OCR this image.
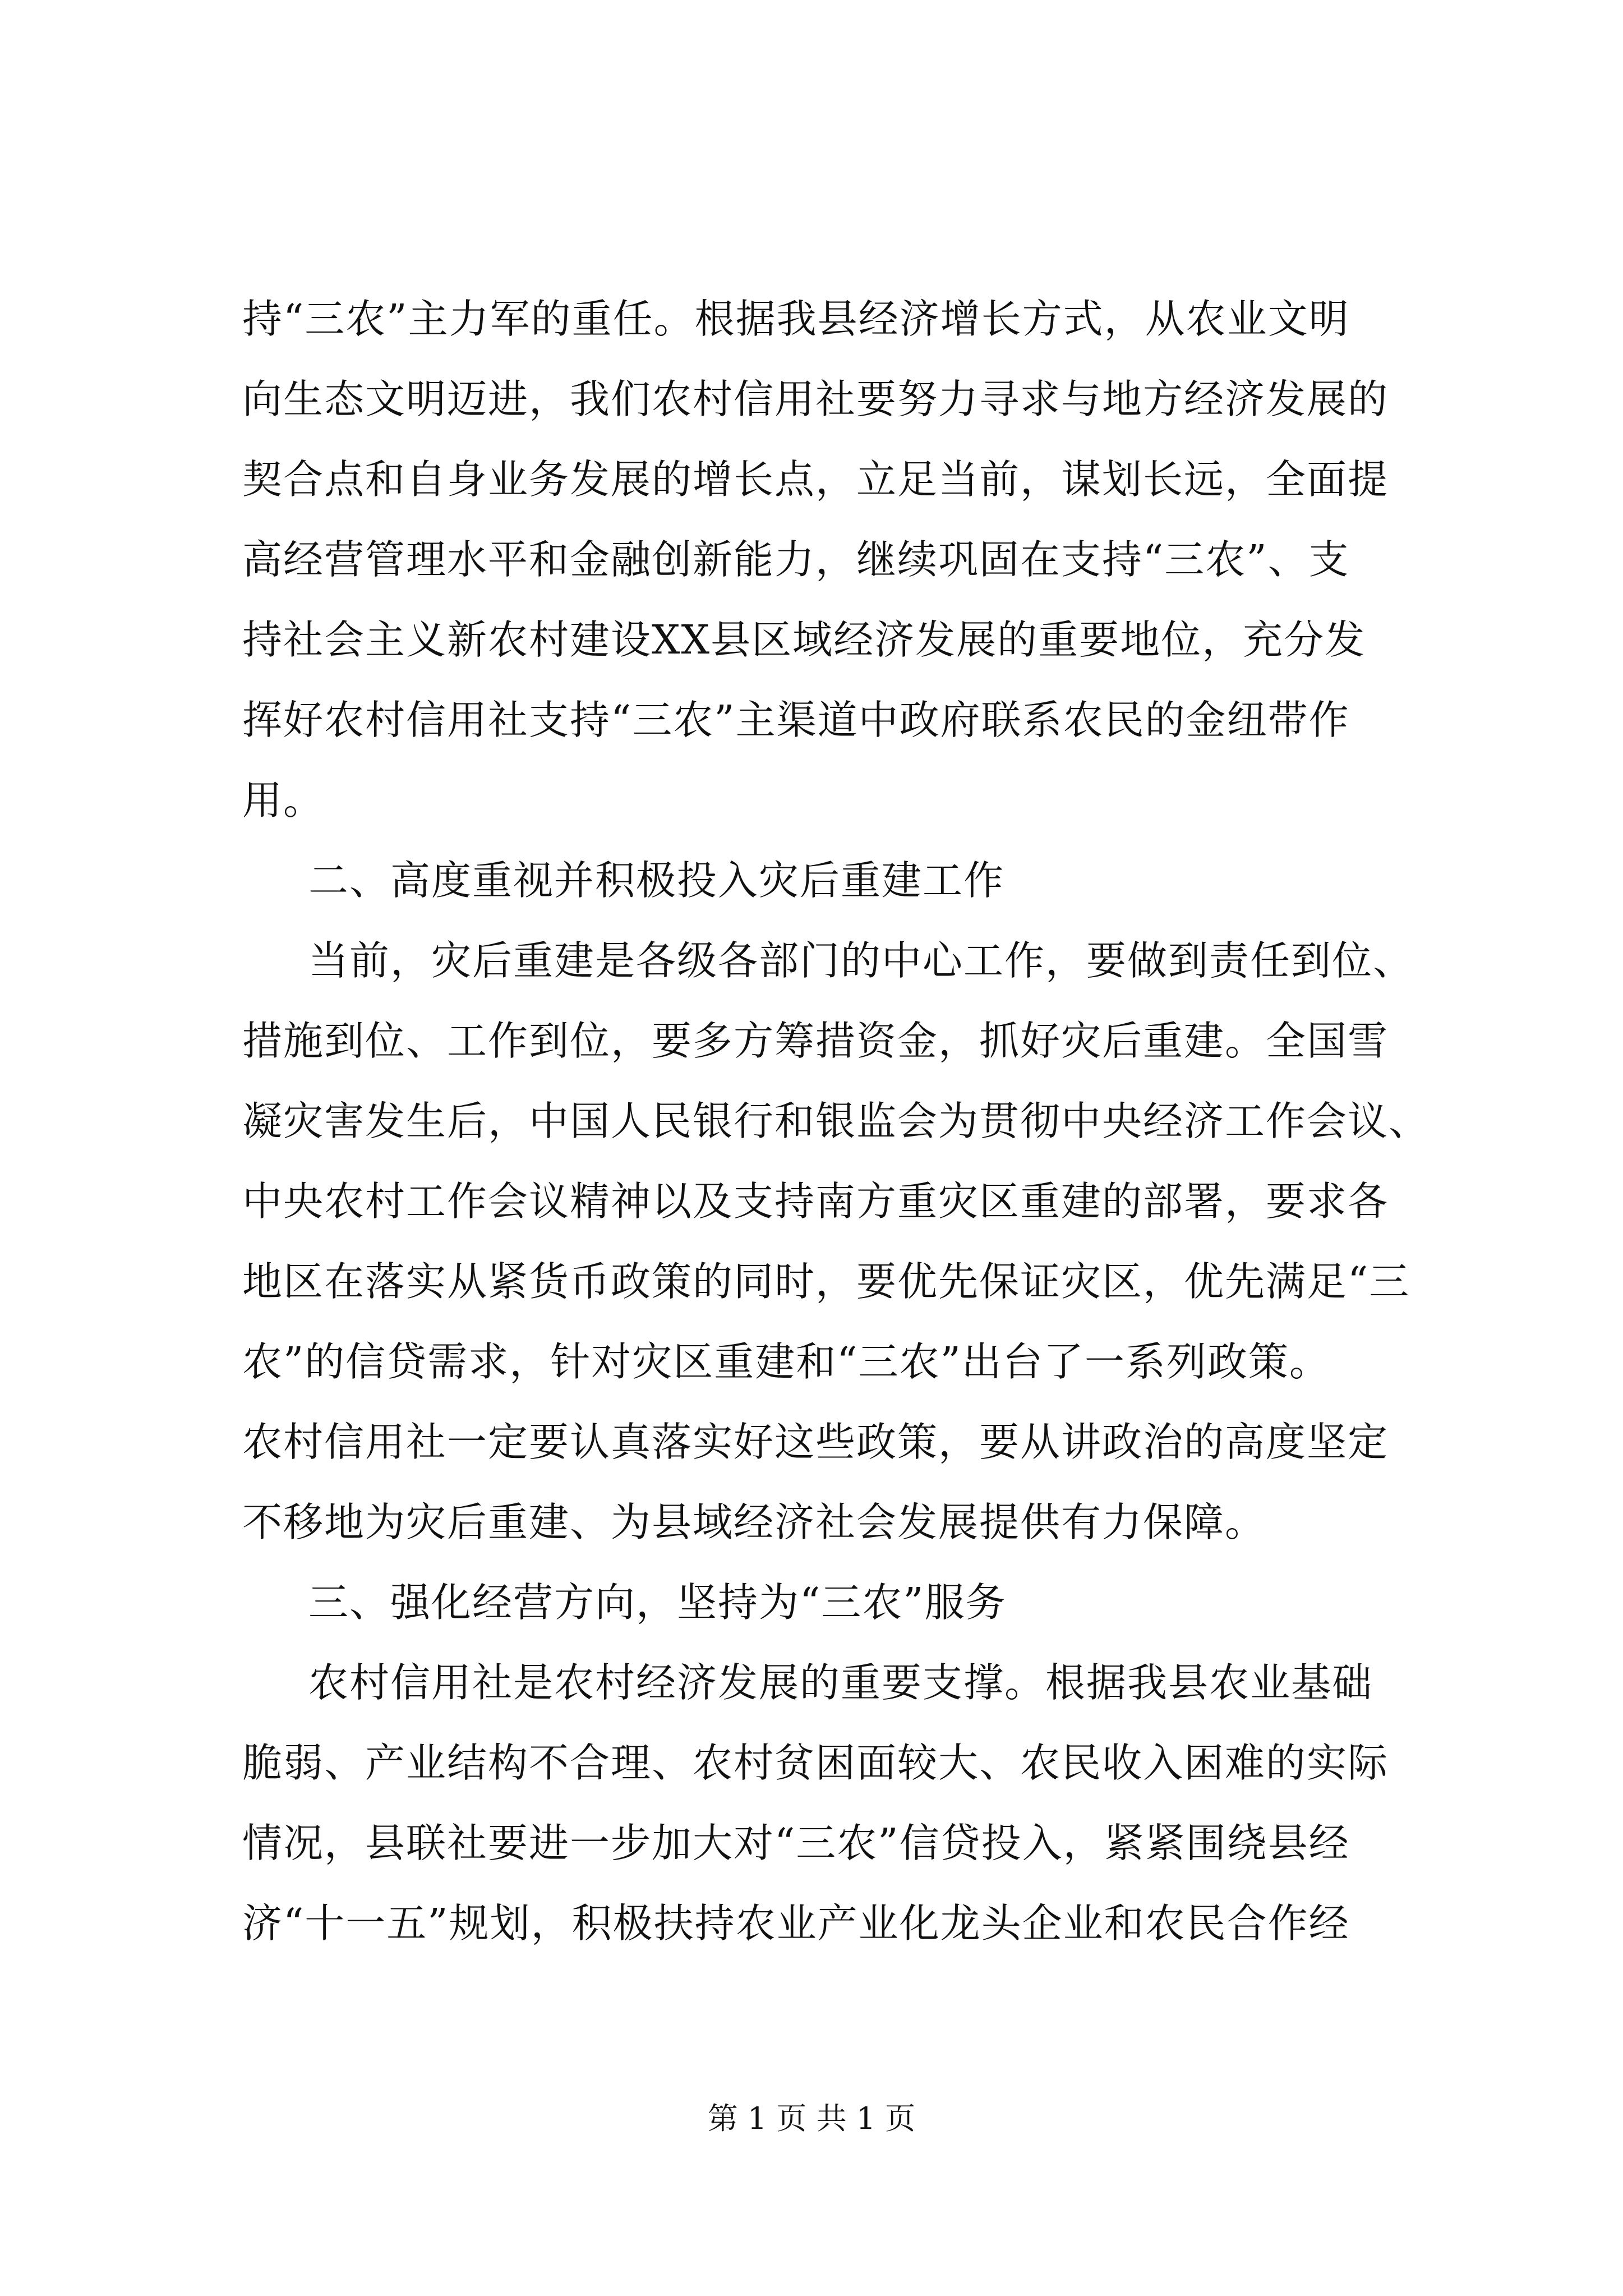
持“三农”主力军的重任。根据我县经济增长方式，从农业文明
向生态文明迈进，我们农村信用社要努力寻求与地方经济发展的
契合点和自身业务发展的增长点，立足当前，谋划长远，全面提
高经营管理水平和金融创新能力，继续巩固在支持“三农”、支
持社会主义新农村建设XX县区域经济发展的重要地位，充分发
挥好农村信用社支持“三农”主渠道中政府联系农民的金纽带作
用。
二、高度重视并积极投入灾后重建工作
当前，灾后重建是各级各部门的中心工作，要做到责任到位、
措施到位、工作到位，要多方筹措资金，抓好灾后重建。全国雪
凝灾害发生后，中国人民银行和银监会为贯彻中央经济工作会议、
中央农村工作会议精神以及支持南方重灾区重建的部署，要求各
地区在落实从紧货币政策的同时，要优先保证灾区，优先满足“三
农”的信贷需求，针对灾区重建和“三农”出台了一系列政策。
农村信用社一定要认真落实好这些政策，要从讲政治的高度坚定
不移地为灾后重建、为县域经济社会发展提供有力保障。
三、强化经营方向，坚持为“三农”服务
农村信用社是农村经济发展的重要支撑。根据我县农业基础
脆弱、产业结构不合理、农村贫困面较大、农民收入困难的实际
情况，县联社要进一步加大对“三农”信贷投入，紧紧围绕县经
济“十一五”规划，积极扶持农业产业化龙头企业和农民合作经
第 1 页 共 1 页
